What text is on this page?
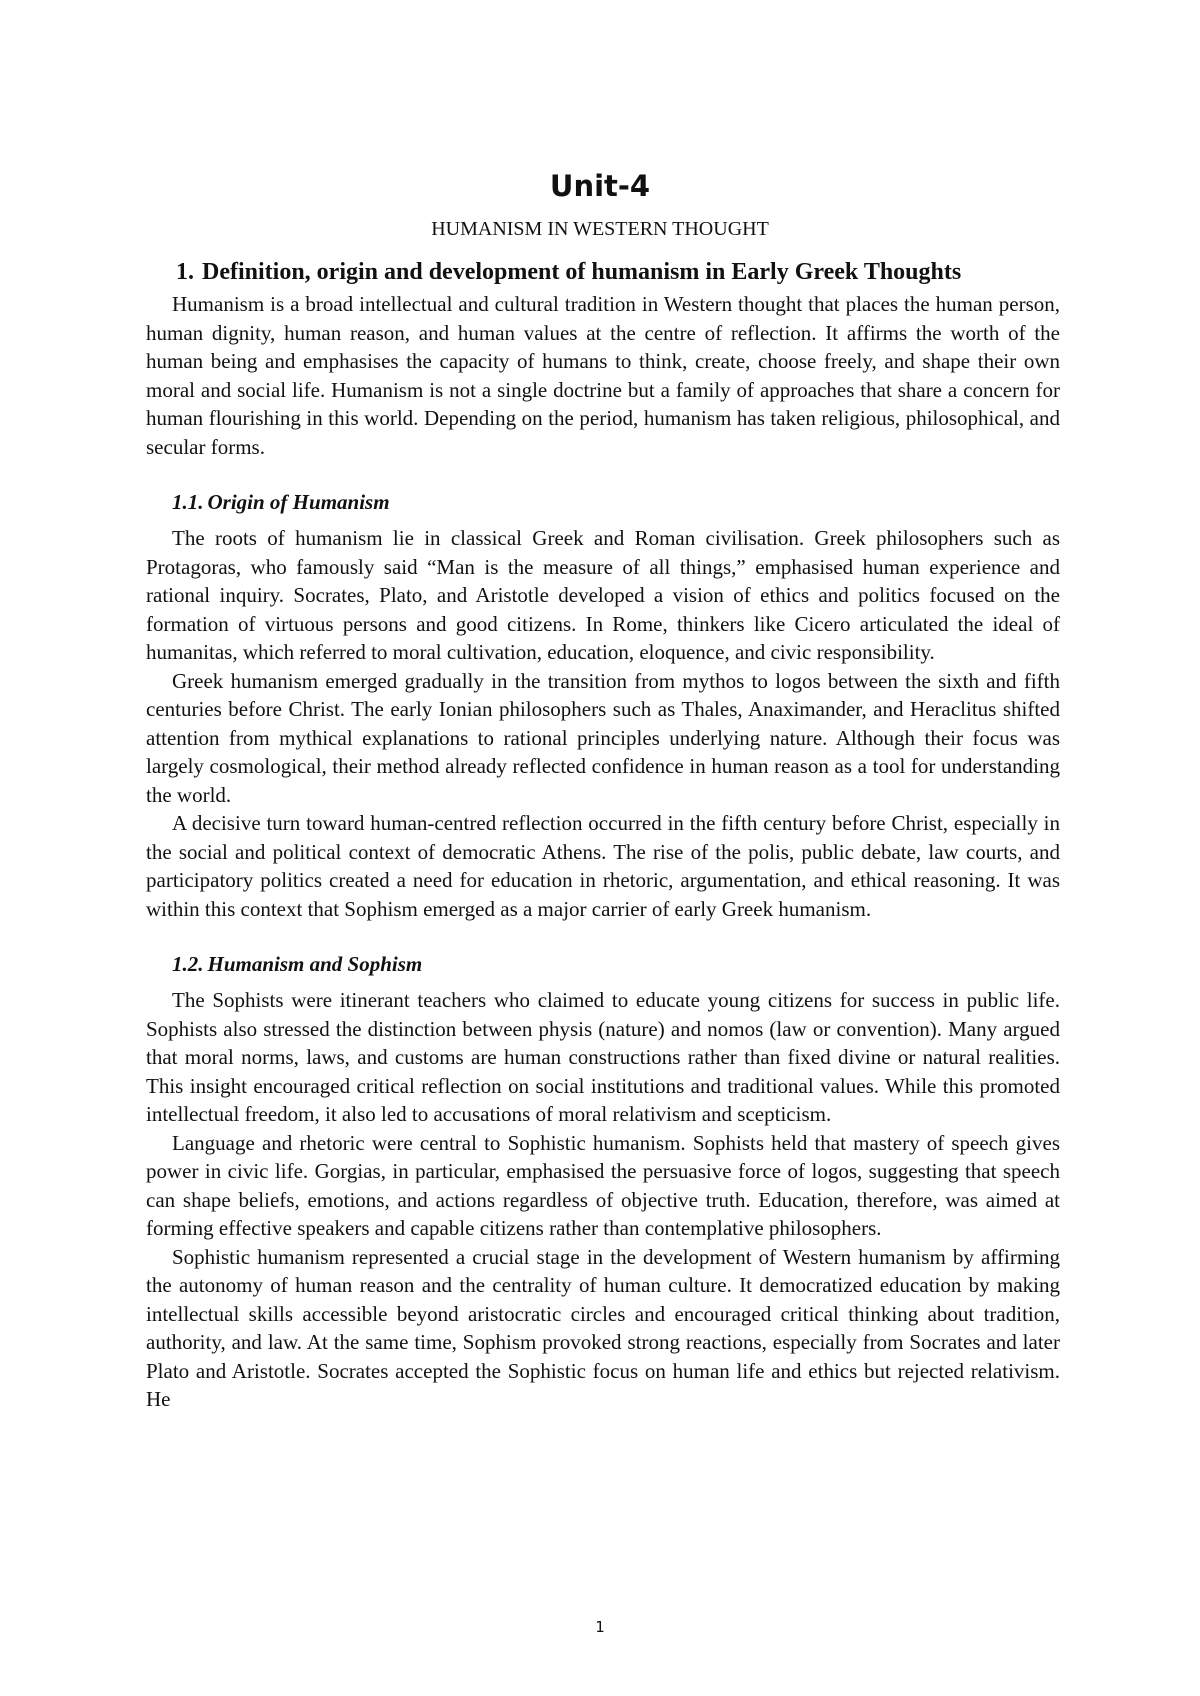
Unit-4
HUMANISM IN WESTERN THOUGHT
1. Definition, origin and development of humanism in Early Greek Thoughts

Humanism is a broad intellectual and cultural tradition in Western thought that places the human person, human dignity, human reason, and human values at the centre of reflection. It affirms the worth of the human being and emphasises the capacity of humans to think, create, choose freely, and shape their own moral and social life. Humanism is not a single doctrine but a family of approaches that share a concern for human flourishing in this world. Depending on the period, humanism has taken religious, philosophical, and secular forms.

1.1. Origin of Humanism

The roots of humanism lie in classical Greek and Roman civilisation. Greek philosophers such as Protagoras, who famously said “Man is the measure of all things,” emphasised human experience and rational inquiry. Socrates, Plato, and Aristotle developed a vision of ethics and politics focused on the formation of virtuous persons and good citizens. In Rome, thinkers like Cicero articulated the ideal of humanitas, which referred to moral cultivation, education, eloquence, and civic responsibility.

Greek humanism emerged gradually in the transition from mythos to logos between the sixth and fifth centuries before Christ. The early Ionian philosophers such as Thales, Anaximander, and Heraclitus shifted attention from mythical explanations to rational principles underlying nature. Although their focus was largely cosmological, their method already reflected confidence in human reason as a tool for understanding the world.

A decisive turn toward human-centred reflection occurred in the fifth century before Christ, especially in the social and political context of democratic Athens. The rise of the polis, public debate, law courts, and participatory politics created a need for education in rhetoric, argumentation, and ethical reasoning. It was within this context that Sophism emerged as a major carrier of early Greek humanism.

1.2. Humanism and Sophism

The Sophists were itinerant teachers who claimed to educate young citizens for success in public life. Sophists also stressed the distinction between physis (nature) and nomos (law or convention). Many argued that moral norms, laws, and customs are human constructions rather than fixed divine or natural realities. This insight encouraged critical reflection on social institutions and traditional values. While this promoted intellectual freedom, it also led to accusations of moral relativism and scepticism.

Language and rhetoric were central to Sophistic humanism. Sophists held that mastery of speech gives power in civic life. Gorgias, in particular, emphasised the persuasive force of logos, suggesting that speech can shape beliefs, emotions, and actions regardless of objective truth. Education, therefore, was aimed at forming effective speakers and capable citizens rather than contemplative philosophers.

Sophistic humanism represented a crucial stage in the development of Western humanism by affirming the autonomy of human reason and the centrality of human culture. It democratized education by making intellectual skills accessible beyond aristocratic circles and encouraged critical thinking about tradition, authority, and law. At the same time, Sophism provoked strong reactions, especially from Socrates and later Plato and Aristotle. Socrates accepted the Sophistic focus on human life and ethics but rejected relativism. He

1
